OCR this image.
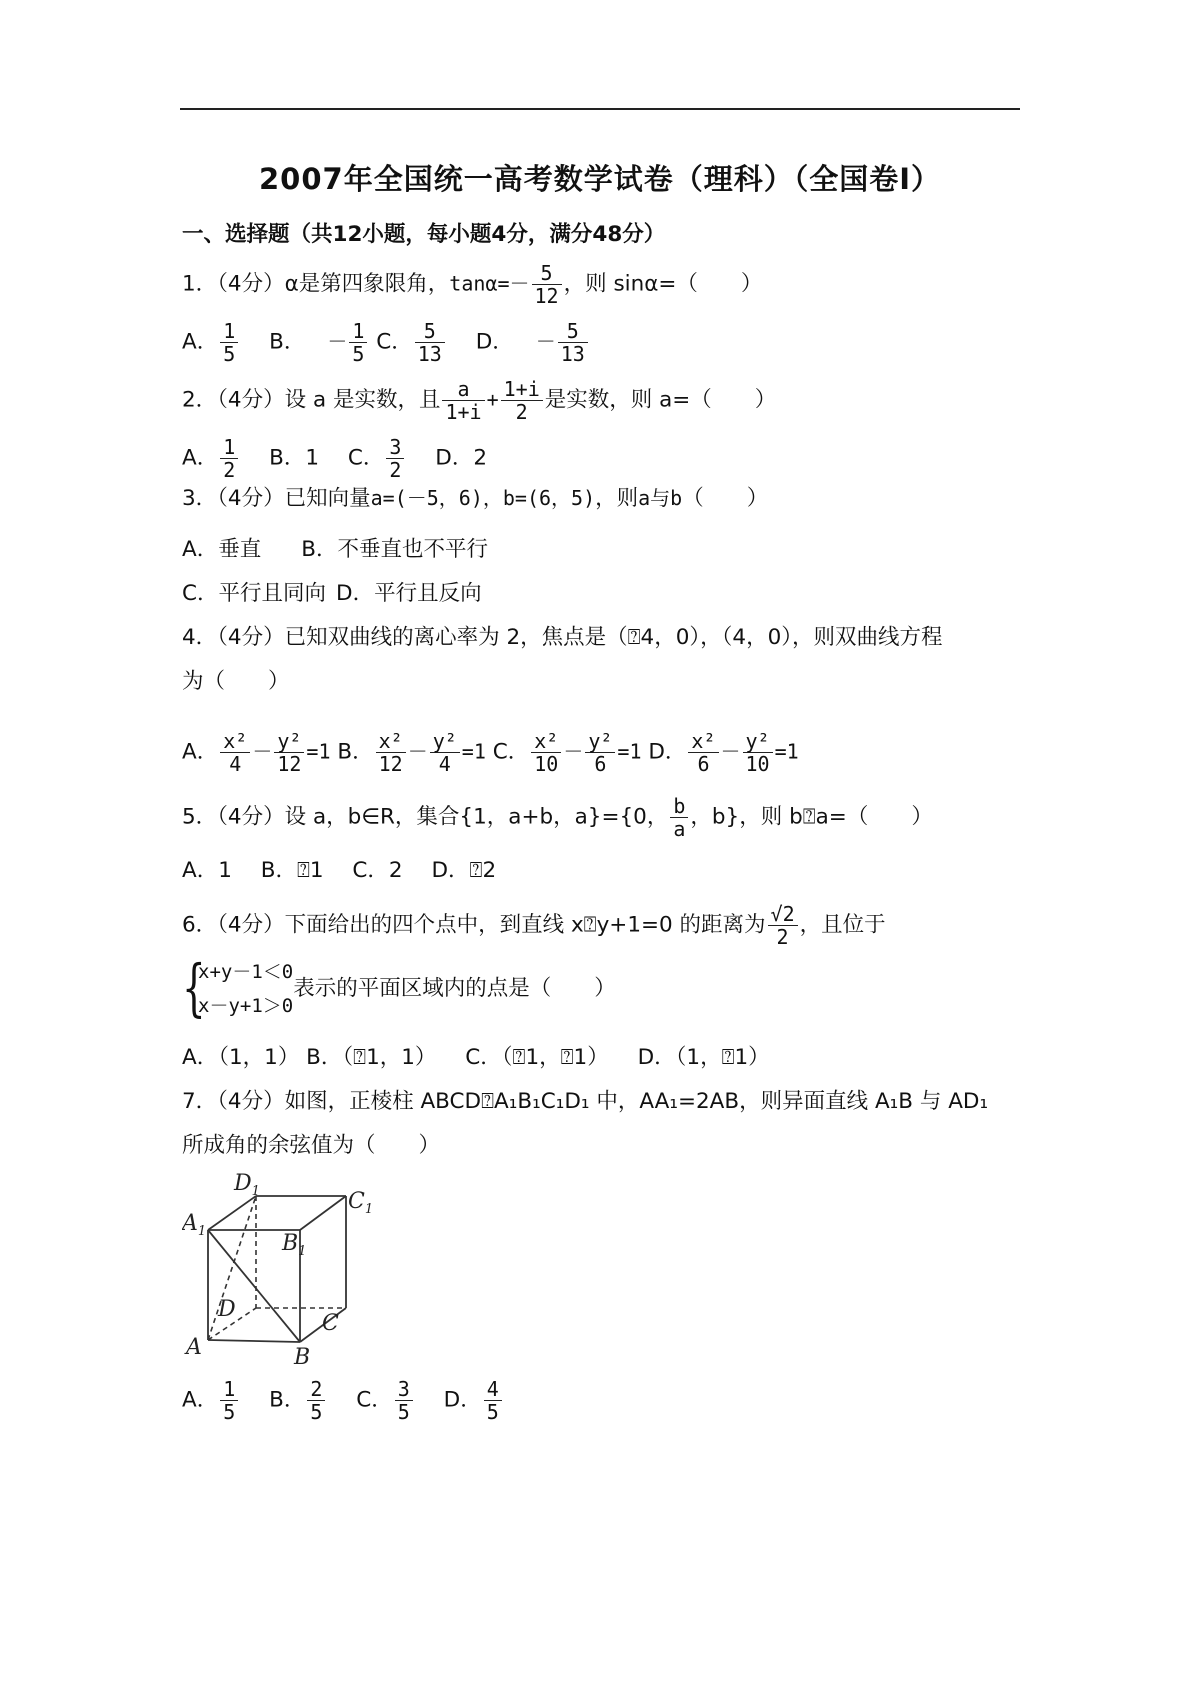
2007年全国统一高考数学试卷（理科）（全国卷Ⅰ）
一、选择题（共12小题，每小题4分，满分48分）
1．（4分）α是第四象限角，$\tan\alpha=- \frac{5}{12}$ ，则 sinα=（　　）
A． $\frac{1}{5}$ B． － $\frac{1}{5}$ C． $\frac{5}{13}$ D． － $\frac{5}{13}$
2．（4分）设 a 是实数，且 $\frac{a}{1+i} + \frac{1+i}{2}$ 是实数，则 a=（　　）
A． $\frac{1}{2}$ B．1 C． $\frac{3}{2}$ D．2
3．（4分）已知向量a=(－5，6)，b=(6，5)，则a与b（　　）
A．垂直 B．不垂直也不平行
C．平行且同向 D．平行且反向
4．（4分）已知双曲线的离心率为 2，焦点是（⍰4，0），（4，0），则双曲线方程
为（　　）
A． $\frac{\text{x²}}{4} - \frac{\text{y²}}{12} =1$ B． $\frac{\text{x²}}{12} - \frac{\text{y²}}{4} =1$ C． $\frac{\text{x²}}{10} - \frac{\text{y²}}{6} =1$ D． $\frac{\text{x²}}{6} - \frac{\text{y²}}{10} =1$
5．（4分）设 a，b∈R，集合{1，a+b，a}={0， $\frac{b}{a}$ ，b}，则 b⍰a=（　　）
A．1 B．⍰1 C．2 D．⍰2
6．（4分）下面给出的四个点中，到直线 x⍰y+1=0 的距离为 $\frac{√2}{2}$ ，且位于
{
x+y－1＜0
x－y+1＞0
表示的平面区域内的点是（　　）
A．（1，1） B．（⍰1，1） C．（⍰1，⍰1） D．（1，⍰1）
7．（4分）如图，正棱柱 ABCD⍰A₁B₁C₁D₁ 中，AA₁=2AB，则异面直线 A₁B 与 AD₁
所成角的余弦值为（　　）
$D_1$	$C_1$
$A_1$	$B_1$
D
C
A	B
A． $\frac{1}{5}$ B． $\frac{2}{5}$ C． $\frac{3}{5}$ D． $\frac{4}{5}$
